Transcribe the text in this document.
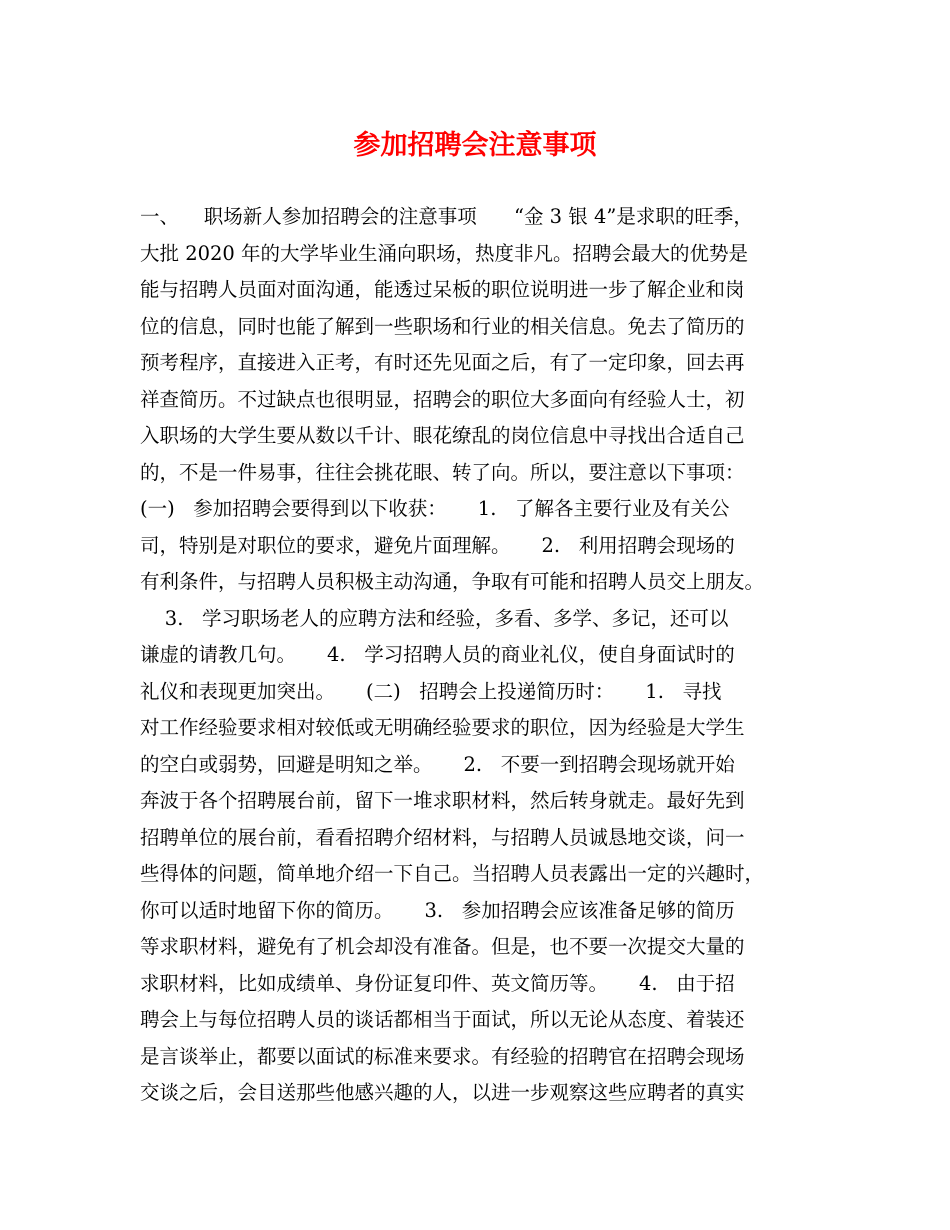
参加招聘会注意事项
一、    职场新人参加招聘会的注意事项      “金 3 银 4”是求职的旺季，
大批 2020 年的大学毕业生涌向职场，热度非凡。招聘会最大的优势是
能与招聘人员面对面沟通，能透过呆板的职位说明进一步了解企业和岗
位的信息，同时也能了解到一些职场和行业的相关信息。免去了简历的
预考程序，直接进入正考，有时还先见面之后，有了一定印象，回去再
祥查简历。不过缺点也很明显，招聘会的职位大多面向有经验人士，初
入职场的大学生要从数以千计、眼花缭乱的岗位信息中寻找出合适自己
的，不是一件易事，往往会挑花眼、转了向。所以，要注意以下事项：
(一)   参加招聘会要得到以下收获：     1.   了解各主要行业及有关公
司，特别是对职位的要求，避免片面理解。     2.   利用招聘会现场的
有利条件，与招聘人员积极主动沟通，争取有可能和招聘人员交上朋友。
3.   学习职场老人的应聘方法和经验，多看、多学、多记，还可以
谦虚的请教几句。     4.   学习招聘人员的商业礼仪，使自身面试时的
礼仪和表现更加突出。     (二)   招聘会上投递简历时：     1.   寻找
对工作经验要求相对较低或无明确经验要求的职位，因为经验是大学生
的空白或弱势，回避是明知之举。     2.   不要一到招聘会现场就开始
奔波于各个招聘展台前，留下一堆求职材料，然后转身就走。最好先到
招聘单位的展台前，看看招聘介绍材料，与招聘人员诚恳地交谈，问一
些得体的问题，简单地介绍一下自己。当招聘人员表露出一定的兴趣时，
你可以适时地留下你的简历。     3.   参加招聘会应该准备足够的简历
等求职材料，避免有了机会却没有准备。但是，也不要一次提交大量的
求职材料，比如成绩单、身份证复印件、英文简历等。     4.   由于招
聘会上与每位招聘人员的谈话都相当于面试，所以无论从态度、着装还
是言谈举止，都要以面试的标准来要求。有经验的招聘官在招聘会现场
交谈之后，会目送那些他感兴趣的人，以进一步观察这些应聘者的真实
